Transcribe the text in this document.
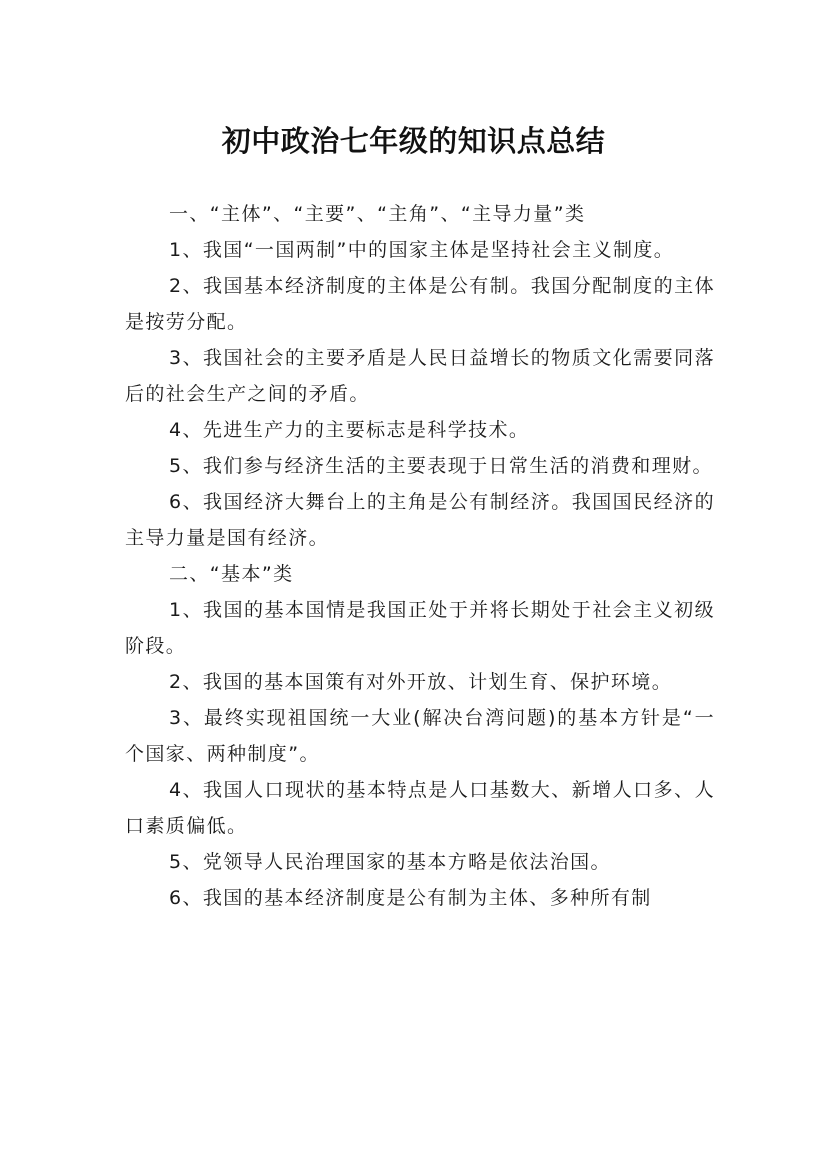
初中政治七年级的知识点总结

一、“主体”、“主要”、“主角”、“主导力量”类

1、我国“一国两制”中的国家主体是坚持社会主义制度。

2、我国基本经济制度的主体是公有制。我国分配制度的主体是按劳分配。

3、我国社会的主要矛盾是人民日益增长的物质文化需要同落后的社会生产之间的矛盾。

4、先进生产力的主要标志是科学技术。

5、我们参与经济生活的主要表现于日常生活的消费和理财。

6、我国经济大舞台上的主角是公有制经济。我国国民经济的主导力量是国有经济。

二、“基本”类

1、我国的基本国情是我国正处于并将长期处于社会主义初级阶段。

2、我国的基本国策有对外开放、计划生育、保护环境。

3、最终实现祖国统一大业(解决台湾问题)的基本方针是“一个国家、两种制度”。

4、我国人口现状的基本特点是人口基数大、新增人口多、人口素质偏低。

5、党领导人民治理国家的基本方略是依法治国。

6、我国的基本经济制度是公有制为主体、多种所有制
